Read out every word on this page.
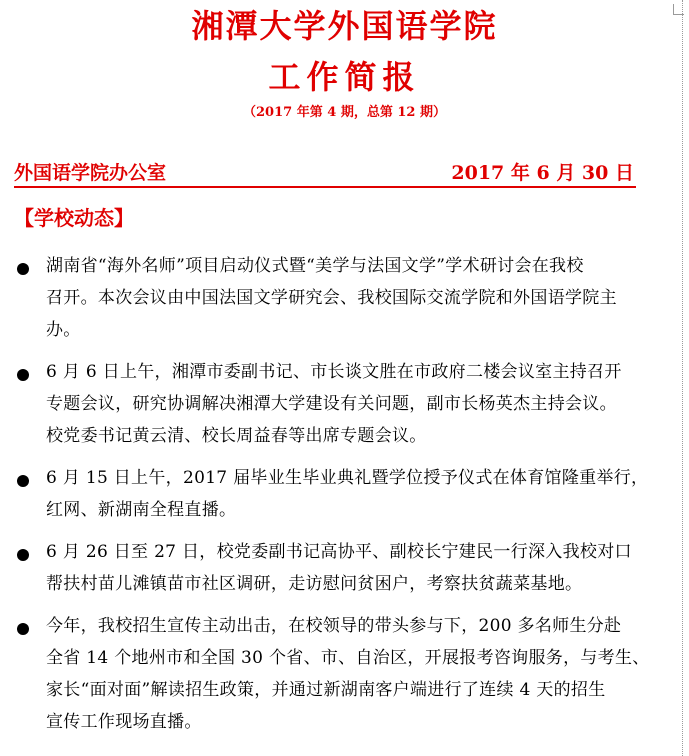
湘潭大学外国语学院
工作简报
（2017 年第 4 期，总第 12 期）
外国语学院办公室	2017 年 6 月 30 日
【学校动态】
湖南省“海外名师”项目启动仪式暨“美学与法国文学”学术研讨会在我校
召开。本次会议由中国法国文学研究会、我校国际交流学院和外国语学院主
办。
6 月 6 日上午，湘潭市委副书记、市长谈文胜在市政府二楼会议室主持召开
专题会议，研究协调解决湘潭大学建设有关问题，副市长杨英杰主持会议。
校党委书记黄云清、校长周益春等出席专题会议。
6 月 15 日上午，2017 届毕业生毕业典礼暨学位授予仪式在体育馆隆重举行，
红网、新湖南全程直播。
6 月 26 日至 27 日，校党委副书记高协平、副校长宁建民一行深入我校对口
帮扶村苗儿滩镇苗市社区调研，走访慰问贫困户，考察扶贫蔬菜基地。
今年，我校招生宣传主动出击，在校领导的带头参与下，200 多名师生分赴
全省 14 个地州市和全国 30 个省、市、自治区，开展报考咨询服务，与考生、
家长“面对面”解读招生政策，并通过新湖南客户端进行了连续 4 天的招生
宣传工作现场直播。
